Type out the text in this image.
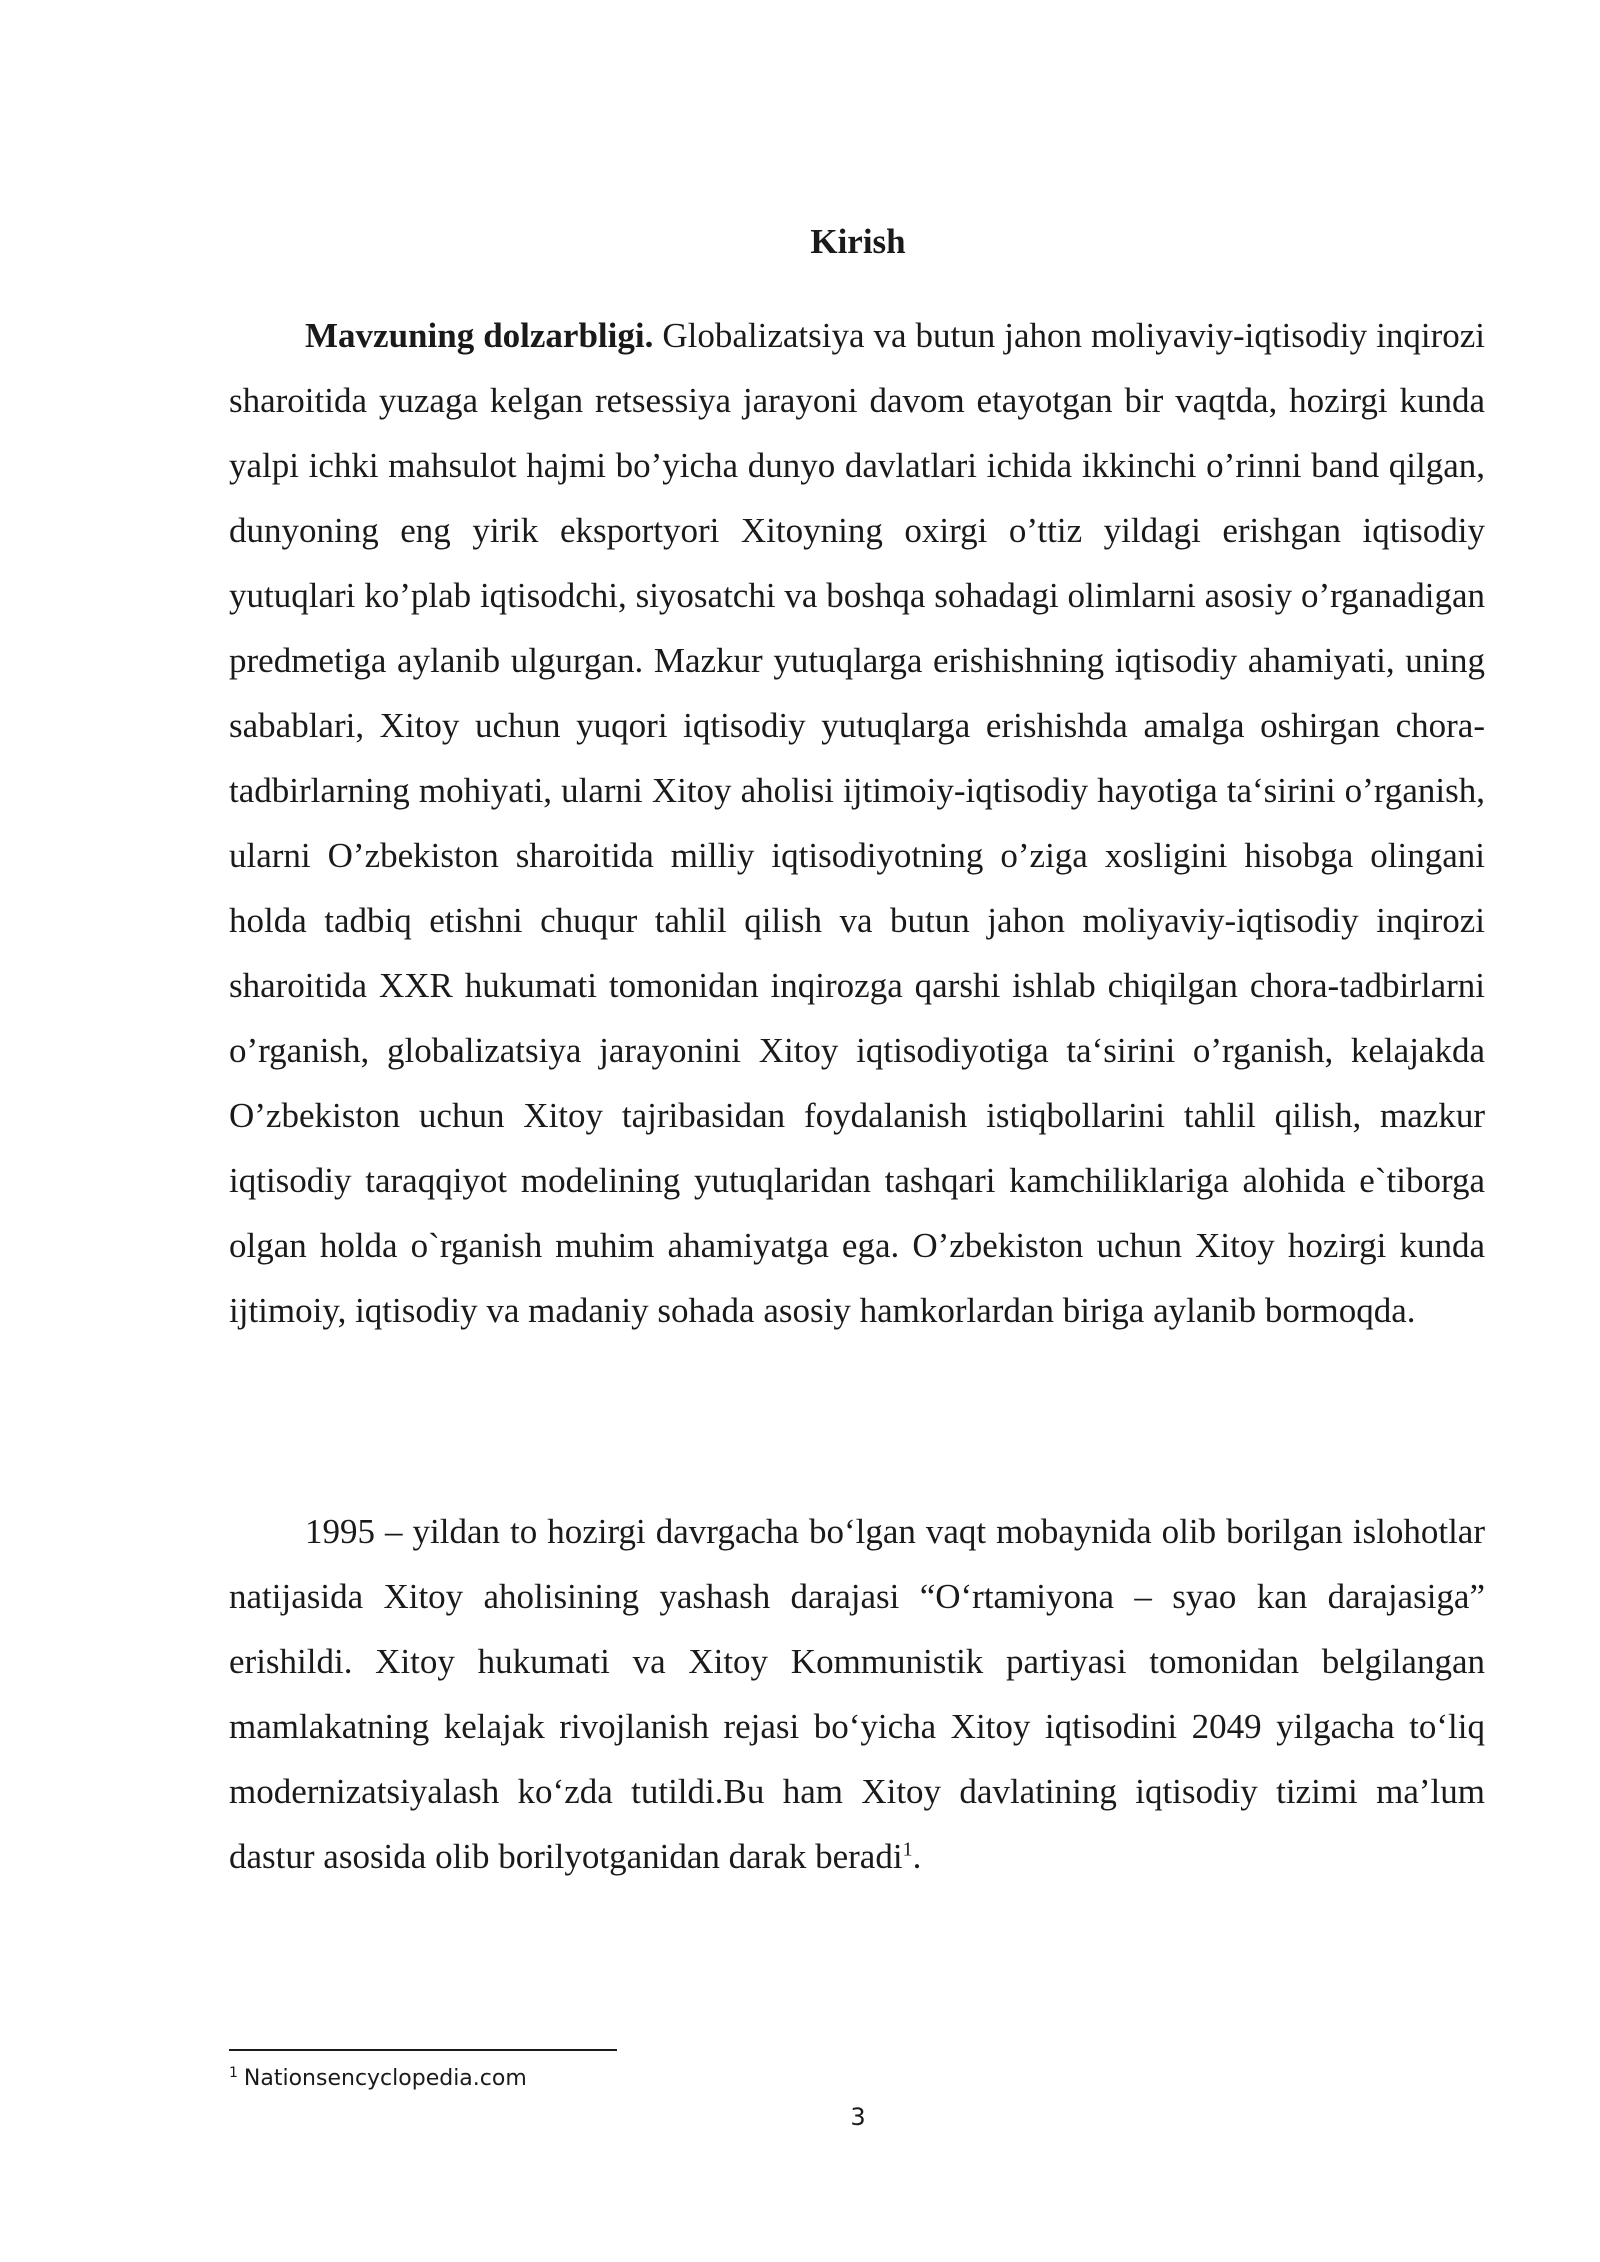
Kirish

Mavzuning dolzarbligi. Globalizatsiya va butun jahon moliyaviy-iqtisodiy inqirozi sharoitida yuzaga kelgan retsessiya jarayoni davom etayotgan bir vaqtda, hozirgi kunda yalpi ichki mahsulot hajmi bo’yicha dunyo davlatlari ichida ikkinchi o’rinni band qilgan, dunyoning eng yirik eksportyori Xitoyning oxirgi o’ttiz yildagi erishgan iqtisodiy yutuqlari ko’plab iqtisodchi, siyosatchi va boshqa sohadagi olimlarni asosiy o’rganadigan predmetiga aylanib ulgurgan. Mazkur yutuqlarga erishishning iqtisodiy ahamiyati, uning sabablari, Xitoy uchun yuqori iqtisodiy yutuqlarga erishishda amalga oshirgan chora-tadbirlarning mohiyati, ularni Xitoy aholisi ijtimoiy-iqtisodiy hayotiga ta‘sirini o’rganish, ularni O’zbekiston sharoitida milliy iqtisodiyotning o’ziga xosligini hisobga olingani holda tadbiq etishni chuqur tahlil qilish va butun jahon moliyaviy-iqtisodiy inqirozi sharoitida XXR hukumati tomonidan inqirozga qarshi ishlab chiqilgan chora-tadbirlarni o’rganish, globalizatsiya jarayonini Xitoy iqtisodiyotiga ta‘sirini o’rganish, kelajakda O’zbekiston uchun Xitoy tajribasidan foydalanish istiqbollarini tahlil qilish, mazkur iqtisodiy taraqqiyot modelining yutuqlaridan tashqari kamchiliklariga alohida e`tiborga olgan holda o`rganish muhim ahamiyatga ega. O’zbekiston uchun Xitoy hozirgi kunda ijtimoiy, iqtisodiy va madaniy sohada asosiy hamkorlardan biriga aylanib bormoqda.

1995 – yildan to hozirgi davrgacha bo‘lgan vaqt mobaynida olib borilgan islohotlar natijasida Xitoy aholisining yashash darajasi “O‘rtamiyona – syao kan darajasiga” erishildi. Xitoy hukumati va Xitoy Kommunistik partiyasi tomonidan belgilangan mamlakatning kelajak rivojlanish rejasi bo‘yicha Xitoy iqtisodini 2049 yilgacha to‘liq modernizatsiyalash ko‘zda tutildi.Bu ham Xitoy davlatining iqtisodiy tizimi ma’lum dastur asosida olib borilyotganidan darak beradi$^1$.

$^1$ Nationsencyclopedia.com
3
